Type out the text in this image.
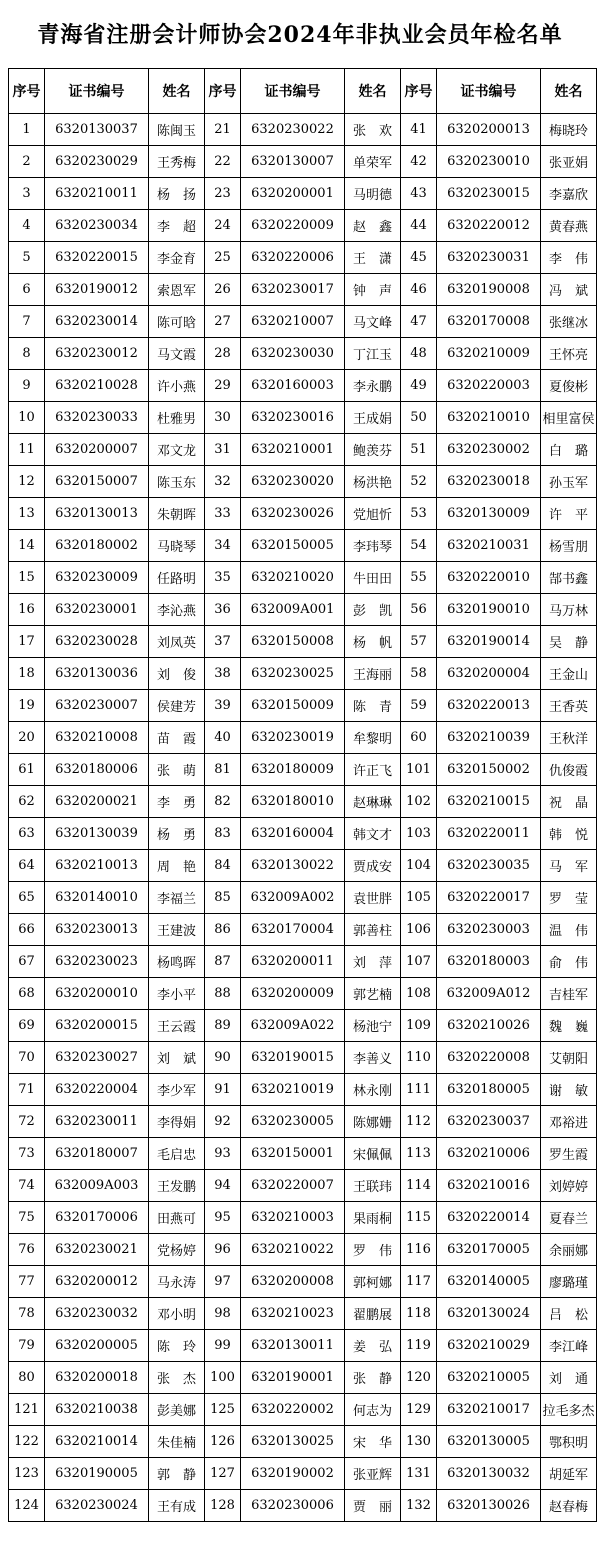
青海省注册会计师协会2024年非执业会员年检名单
序号	证书编号	姓名	序号	证书编号	姓名	序号	证书编号	姓名
1	6320130037	陈闽玉	21	6320230022	张　欢	41	6320200013	梅晓玲
2	6320230029	王秀梅	22	6320130007	单荣军	42	6320230010	张亚娟
3	6320210011	杨　扬	23	6320200001	马明德	43	6320230015	李嘉欣
4	6320230034	李　超	24	6320220009	赵　鑫	44	6320220012	黄春燕
5	6320220015	李金育	25	6320220006	王　潇	45	6320230031	李　伟
6	6320190012	索恩军	26	6320230017	钟　声	46	6320190008	冯　斌
7	6320230014	陈可晗	27	6320210007	马文峰	47	6320170008	张继冰
8	6320230012	马文霞	28	6320230030	丁江玉	48	6320210009	王怀亮
9	6320210028	许小燕	29	6320160003	李永鹏	49	6320220003	夏俊彬
10	6320230033	杜雅男	30	6320230016	王成娟	50	6320210010	相里富侯
11	6320200007	邓文龙	31	6320210001	鲍羡芬	51	6320230002	白　璐
12	6320150007	陈玉东	32	6320230020	杨洪艳	52	6320230018	孙玉军
13	6320130013	朱朝晖	33	6320230026	党旭忻	53	6320130009	许　平
14	6320180002	马晓琴	34	6320150005	李玮琴	54	6320210031	杨雪朋
15	6320230009	任路明	35	6320210020	牛田田	55	6320220010	郜书鑫
16	6320230001	李沁燕	36	632009A001	彭　凯	56	6320190010	马万林
17	6320230028	刘凤英	37	6320150008	杨　帆	57	6320190014	吴　静
18	6320130036	刘　俊	38	6320230025	王海丽	58	6320200004	王金山
19	6320230007	侯建芳	39	6320150009	陈　青	59	6320220013	王香英
20	6320210008	苗　霞	40	6320230019	牟黎明	60	6320210039	王秋洋
61	6320180006	张　萌	81	6320180009	许正飞	101	6320150002	仇俊霞
62	6320200021	李　勇	82	6320180010	赵琳琳	102	6320210015	祝　晶
63	6320130039	杨　勇	83	6320160004	韩文才	103	6320220011	韩　悦
64	6320210013	周　艳	84	6320130022	贾成安	104	6320230035	马　军
65	6320140010	李福兰	85	632009A002	袁世胖	105	6320220017	罗　莹
66	6320230013	王建波	86	6320170004	郭善柱	106	6320230003	温　伟
67	6320230023	杨鸣晖	87	6320200011	刘　萍	107	6320180003	俞　伟
68	6320200010	李小平	88	6320200009	郭艺楠	108	632009A012	吉桂军
69	6320200015	王云霞	89	632009A022	杨池宁	109	6320210026	魏　巍
70	6320230027	刘　斌	90	6320190015	李善义	110	6320220008	艾朝阳
71	6320220004	李少军	91	6320210019	林永刚	111	6320180005	谢　敏
72	6320230011	李得娟	92	6320230005	陈娜姗	112	6320230037	邓裕进
73	6320180007	毛启忠	93	6320150001	宋佩佩	113	6320210006	罗生霞
74	632009A003	王发鹏	94	6320220007	王联玮	114	6320210016	刘婷婷
75	6320170006	田燕可	95	6320210003	果雨桐	115	6320220014	夏春兰
76	6320230021	党杨婷	96	6320210022	罗　伟	116	6320170005	余丽娜
77	6320200012	马永涛	97	6320200008	郭柯娜	117	6320140005	廖璐瑾
78	6320230032	邓小明	98	6320210023	翟鹏展	118	6320130024	吕　松
79	6320200005	陈　玲	99	6320130011	姜　弘	119	6320210029	李江峰
80	6320200018	张　杰	100	6320190001	张　静	120	6320210005	刘　通
121	6320210038	彭美娜	125	6320220002	何志为	129	6320210017	拉毛多杰
122	6320210014	朱佳楠	126	6320130025	宋　华	130	6320130005	鄂积明
123	6320190005	郭　静	127	6320190002	张亚辉	131	6320130032	胡延军
124	6320230024	王有成	128	6320230006	贾　丽	132	6320130026	赵春梅
